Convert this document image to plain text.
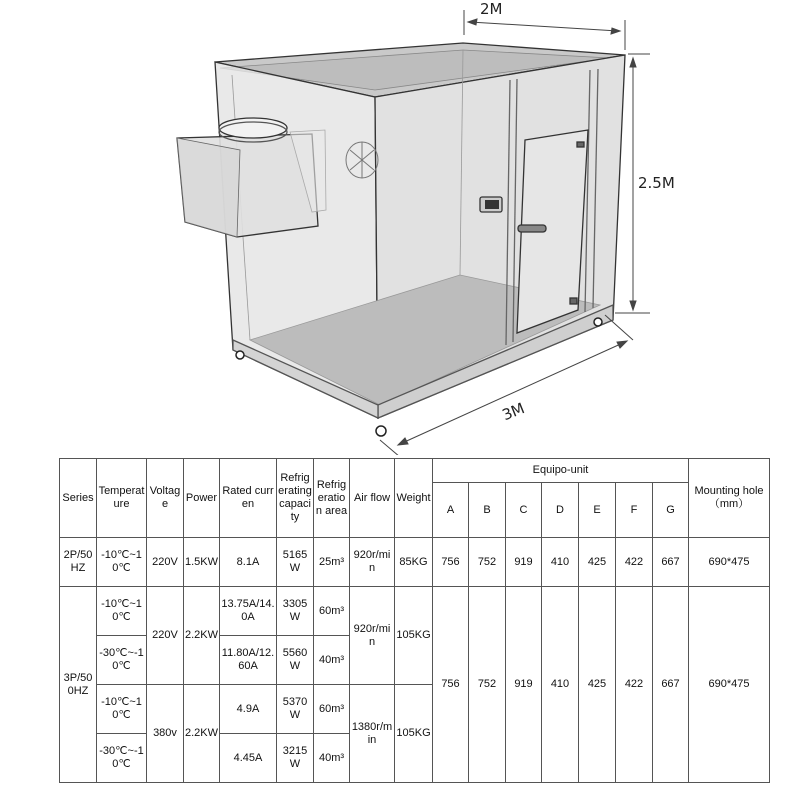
2M
2.5M
3M
Series	Temperature	Voltage	Power	Rated curren	Refrigerating capacity	Refrigeration area	Air flow	Weight	Equipo-unit							Mounting hole（mm）
									A	B	C	D	E	F	G	
2P/50HZ	-10℃~10℃	220V	1.5KW	8.1A	5165W	25m³	920r/min	85KG	756	752	919	410	425	422	667	690*475
3P/500HZ	-10℃~10℃	220V	2.2KW	13.75A/14.0A	3305W	60m³	920r/min	105KG	756	752	919	410	425	422	667	690*475
	-30℃~-10℃			11.80A/12.60A	5560W	40m³										
	-10℃~10℃	380v	2.2KW	4.9A	5370W	60m³	1380r/min	105KG								
	-30℃~-10℃			4.45A	3215W	40m³										
